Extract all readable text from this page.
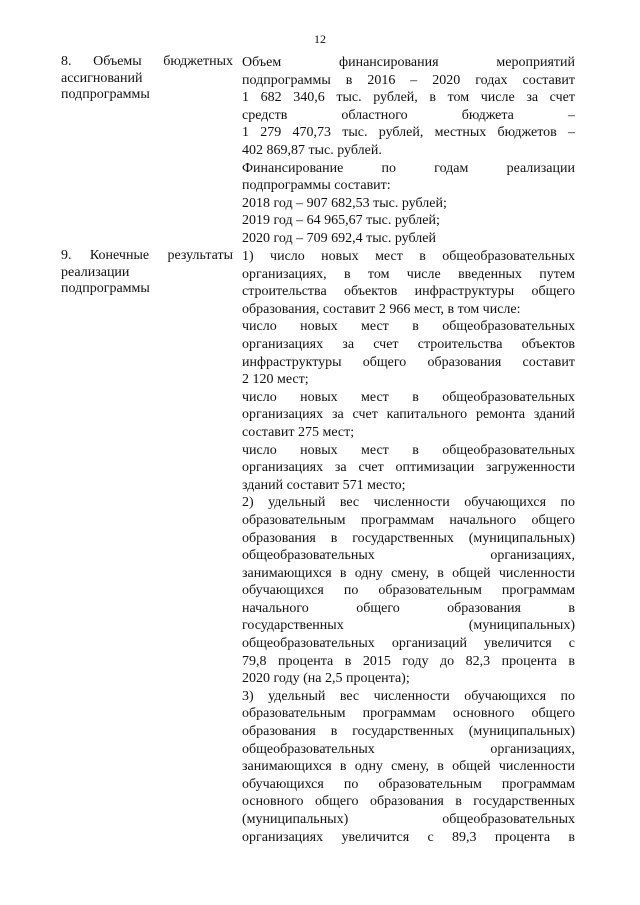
12
8. Объемы бюджетных
ассигнований
подпрограммы
Объем финансирования мероприятий
подпрограммы в 2016 – 2020 годах составит
1 682 340,6 тыс. рублей, в том числе за счет
средств областного бюджета –
1 279 470,73 тыс. рублей, местных бюджетов –
402 869,87 тыс. рублей.
Финансирование по годам реализации
подпрограммы составит:
2018 год – 907 682,53 тыс. рублей;
2019 год – 64 965,67 тыс. рублей;
2020 год – 709 692,4 тыс. рублей
9. Конечные результаты
реализации
подпрограммы
1) число новых мест в общеобразовательных
организациях, в том числе введенных путем
строительства объектов инфраструктуры общего
образования, составит 2 966 мест, в том числе:
число новых мест в общеобразовательных
организациях за счет строительства объектов
инфраструктуры общего образования составит
2 120 мест;
число новых мест в общеобразовательных
организациях за счет капитального ремонта зданий
составит 275 мест;
число новых мест в общеобразовательных
организациях за счет оптимизации загруженности
зданий составит 571 место;
2) удельный вес численности обучающихся по
образовательным программам начального общего
образования в государственных (муниципальных)
общеобразовательных организациях,
занимающихся в одну смену, в общей численности
обучающихся по образовательным программам
начального общего образования в
государственных (муниципальных)
общеобразовательных организаций увеличится с
79,8 процента в 2015 году до 82,3 процента в
2020 году (на 2,5 процента);
3) удельный вес численности обучающихся по
образовательным программам основного общего
образования в государственных (муниципальных)
общеобразовательных организациях,
занимающихся в одну смену, в общей численности
обучающихся по образовательным программам
основного общего образования в государственных
(муниципальных) общеобразовательных
организациях увеличится с 89,3 процента в
